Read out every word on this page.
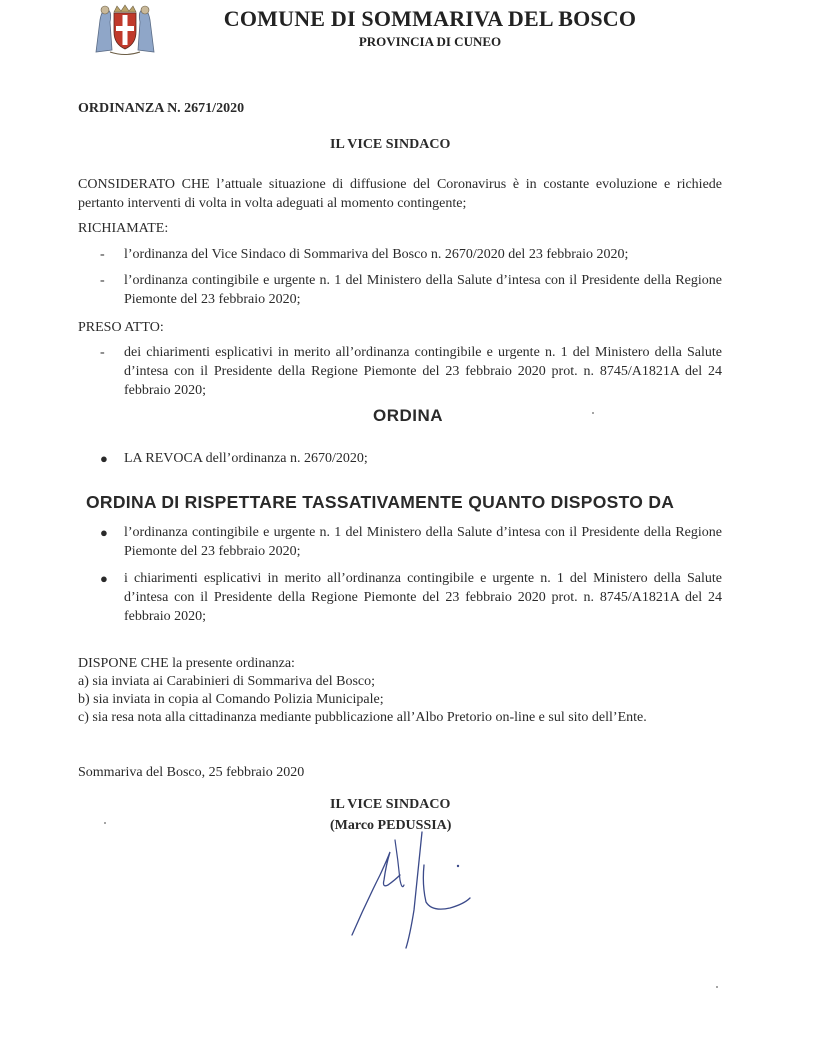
COMUNE DI SOMMARIVA DEL BOSCO
PROVINCIA DI CUNEO
ORDINANZA N. 2671/2020
IL VICE SINDACO
CONSIDERATO CHE l’attuale situazione di diffusione del Coronavirus è in costante evoluzione e richiede pertanto interventi di volta in volta adeguati al momento contingente;
RICHIAMATE:
-	l’ordinanza del Vice Sindaco di Sommariva del Bosco n. 2670/2020 del 23 febbraio 2020;
-	l’ordinanza contingibile e urgente n. 1 del Ministero della Salute d’intesa con il Presidente della Regione Piemonte del 23 febbraio 2020;
PRESO ATTO:
-	dei chiarimenti esplicativi in merito all’ordinanza contingibile e urgente n. 1 del Ministero della Salute d’intesa con il Presidente della Regione Piemonte del 23 febbraio 2020 prot. n. 8745/A1821A del 24 febbraio 2020;
ORDINA
●	LA REVOCA dell’ordinanza n. 2670/2020;
ORDINA DI RISPETTARE TASSATIVAMENTE QUANTO DISPOSTO DA
●	l’ordinanza contingibile e urgente n. 1 del Ministero della Salute d’intesa con il Presidente della Regione Piemonte del 23 febbraio 2020;
●	i chiarimenti esplicativi in merito all’ordinanza contingibile e urgente n. 1 del Ministero della Salute d’intesa con il Presidente della Regione Piemonte del 23 febbraio 2020 prot. n. 8745/A1821A del 24 febbraio 2020;
DISPONE CHE la presente ordinanza:
a) sia inviata ai Carabinieri di Sommariva del Bosco;
b) sia inviata in copia al Comando Polizia Municipale;
c) sia resa nota alla cittadinanza mediante pubblicazione all’Albo Pretorio on-line e sul sito dell’Ente.
Sommariva del Bosco, 25 febbraio 2020
IL VICE SINDACO
(Marco PEDUSSIA)
